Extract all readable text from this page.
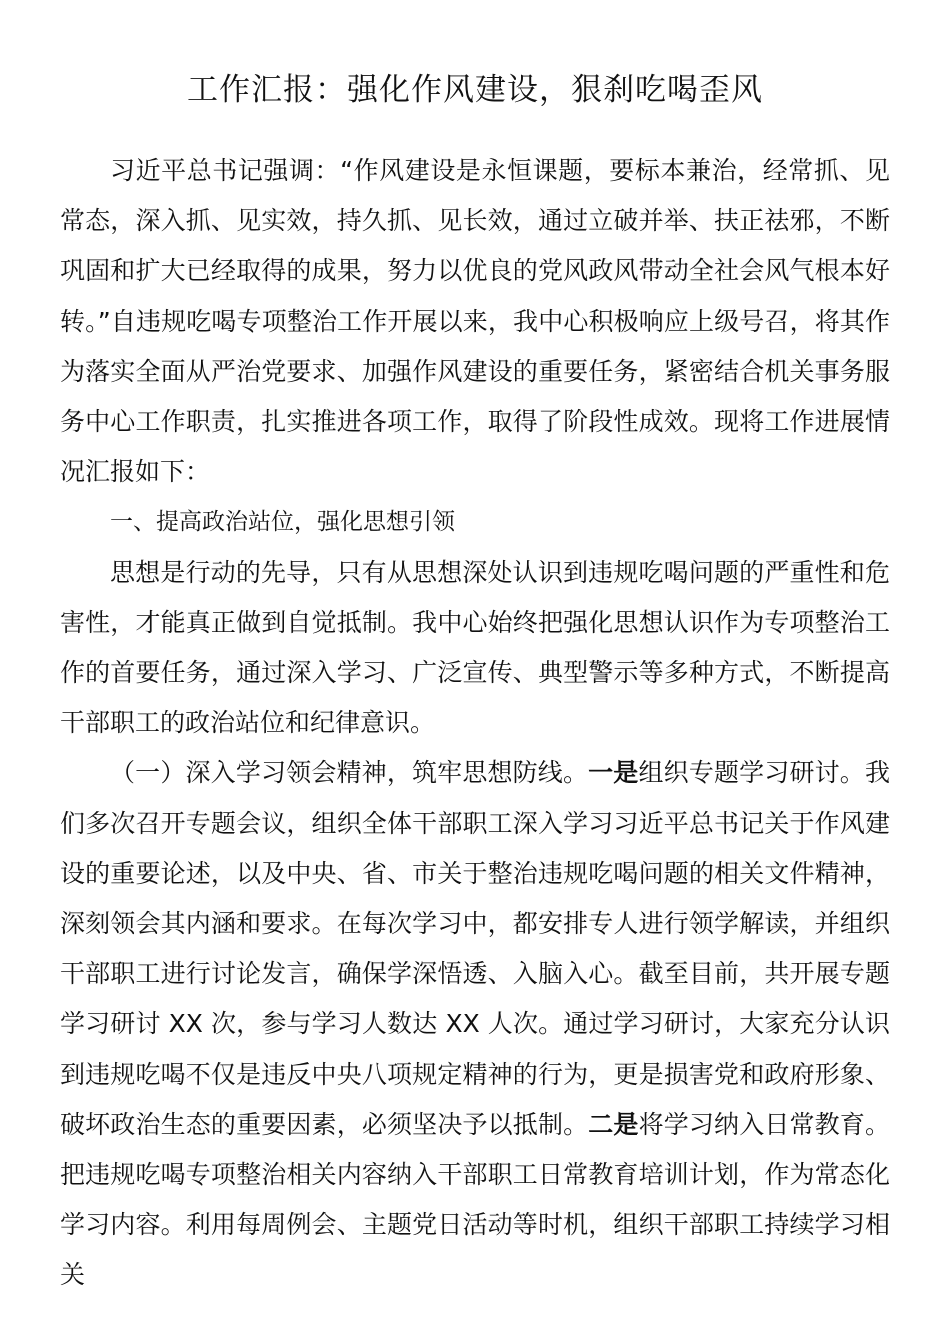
工作汇报：强化作风建设，狠刹吃喝歪风

习近平总书记强调：“作风建设是永恒课题，要标本兼治，经常抓、见常态，深入抓、见实效，持久抓、见长效，通过立破并举、扶正祛邪，不断巩固和扩大已经取得的成果，努力以优良的党风政风带动全社会风气根本好转。”自违规吃喝专项整治工作开展以来，我中心积极响应上级号召，将其作为落实全面从严治党要求、加强作风建设的重要任务，紧密结合机关事务服务中心工作职责，扎实推进各项工作，取得了阶段性成效。现将工作进展情况汇报如下：

一、提高政治站位，强化思想引领

思想是行动的先导，只有从思想深处认识到违规吃喝问题的严重性和危害性，才能真正做到自觉抵制。我中心始终把强化思想认识作为专项整治工作的首要任务，通过深入学习、广泛宣传、典型警示等多种方式，不断提高干部职工的政治站位和纪律意识。

（一）深入学习领会精神，筑牢思想防线。一是组织专题学习研讨。我们多次召开专题会议，组织全体干部职工深入学习习近平总书记关于作风建设的重要论述，以及中央、省、市关于整治违规吃喝问题的相关文件精神，深刻领会其内涵和要求。在每次学习中，都安排专人进行领学解读，并组织干部职工进行讨论发言，确保学深悟透、入脑入心。截至目前，共开展专题学习研讨 XX 次，参与学习人数达 XX 人次。通过学习研讨，大家充分认识到违规吃喝不仅是违反中央八项规定精神的行为，更是损害党和政府形象、破坏政治生态的重要因素，必须坚决予以抵制。二是将学习纳入日常教育。把违规吃喝专项整治相关内容纳入干部职工日常教育培训计划，作为常态化学习内容。利用每周例会、主题党日活动等时机，组织干部职工持续学习相关
